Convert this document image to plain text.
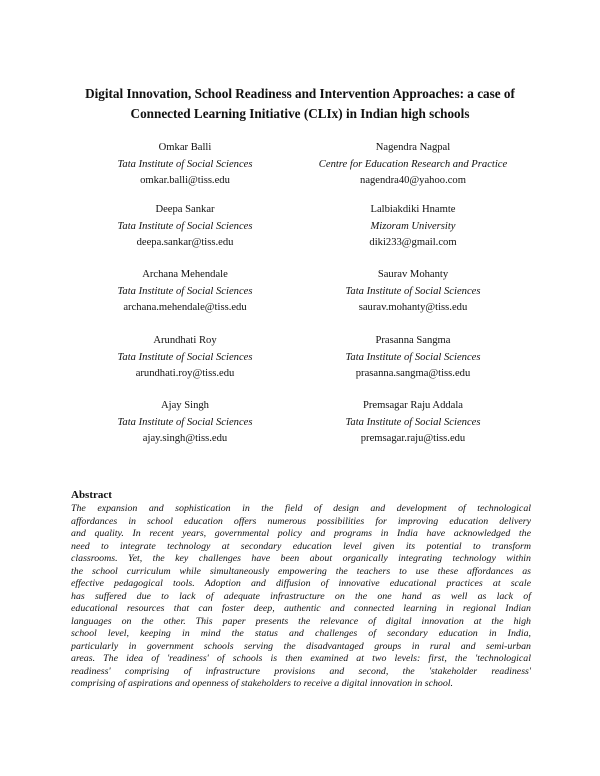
Digital Innovation, School Readiness and Intervention Approaches: a case of
Connected Learning Initiative (CLIx) in Indian high schools
Omkar Balli
Tata Institute of Social Sciences
omkar.balli@tiss.edu
Nagendra Nagpal
Centre for Education Research and Practice
nagendra40@yahoo.com
Deepa Sankar
Tata Institute of Social Sciences
deepa.sankar@tiss.edu
Lalbiakdiki Hnamte
Mizoram University
diki233@gmail.com
Archana Mehendale
Tata Institute of Social Sciences
archana.mehendale@tiss.edu
Saurav Mohanty
Tata Institute of Social Sciences
saurav.mohanty@tiss.edu
Arundhati Roy
Tata Institute of Social Sciences
arundhati.roy@tiss.edu
Prasanna Sangma
Tata Institute of Social Sciences
prasanna.sangma@tiss.edu
Ajay Singh
Tata Institute of Social Sciences
ajay.singh@tiss.edu
Premsagar Raju Addala
Tata Institute of Social Sciences
premsagar.raju@tiss.edu
Abstract
The expansion and sophistication in the field of design and development of technological
affordances in school education offers numerous possibilities for improving education delivery
and quality. In recent years, governmental policy and programs in India have acknowledged the
need to integrate technology at secondary education level given its potential to transform
classrooms. Yet, the key challenges have been about organically integrating technology within
the school curriculum while simultaneously empowering the teachers to use these affordances as
effective pedagogical tools. Adoption and diffusion of innovative educational practices at scale
has suffered due to lack of adequate infrastructure on the one hand as well as lack of
educational resources that can foster deep, authentic and connected learning in regional Indian
languages on the other. This paper presents the relevance of digital innovation at the high
school level, keeping in mind the status and challenges of secondary education in India,
particularly in government schools serving the disadvantaged groups in rural and semi-urban
areas. The idea of 'readiness' of schools is then examined at two levels: first, the 'technological
readiness' comprising of infrastructure provisions and second, the 'stakeholder readiness'
comprising of aspirations and openness of stakeholders to receive a digital innovation in school.
